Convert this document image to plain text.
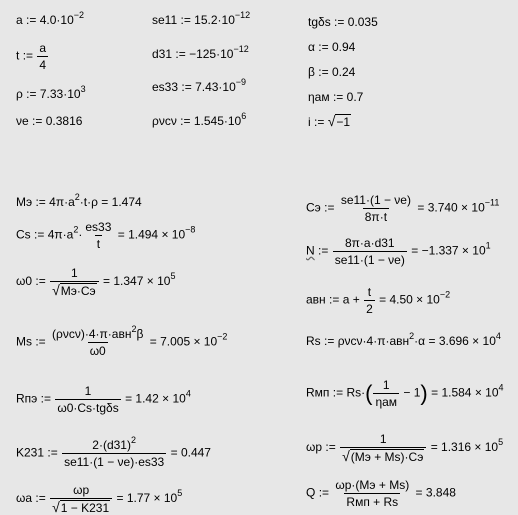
a := $4.0\cdot 10^{-2}$
t := $\frac{a}{4}$
ρ := $7.33\cdot 10^3$
νe := 0.3816
se11 := $15.2\cdot 10^{-12}$
d31 := $-125\cdot 10^{-12}$
es33 := $7.43\cdot 10^{-9}$
ρνcν := $1.545\cdot 10^6$
tgδs := 0.035
α := 0.94
β := 0.24
ηам := 0.7
i := √ −1
Mэ := $4\pi\cdot a^2\cdot t\cdot\rho = 1.474$
Cs := $4\pi\cdot a^2\cdot \frac{es33}{t} = 1.494 \times 10^{-8}$
ω0 :=
1
√ Mэ·Cэ
= $1.347 \times 10^5$
Ms :=
(ρνcν)·4·π·aвн$^2$β
ω0
= $7.005 \times 10^{-2}$
Rпэ :=
1
ω0·Cs·tgδs
= $1.42 \times 10^4$
K231 := $\frac{2\cdot(d31)^2}{se11\cdot(1 - \nu e)\cdot es33} = 0.447$
ωa := $\frac{\omega p}{√ 1 - K231} = 1.77 \times 10^5$
Cэ := $\frac{se11\cdot(1 - \nu e)}{8\pi\cdot t} = 3.740 \times 10^{-11}$
N := $\frac{8\pi\cdot a\cdot d31}{se11\cdot(1 - \nu e)} = -1.337 \times 10^1$
aвн := $a + \frac{t}{2} = 4.50 \times 10^{-2}$
Rs := $\rho\nu c\nu\cdot 4\cdot\pi\cdot aвн^2\cdot\alpha = 3.696 \times 10^4$
Rмп := Rs·( 1
ηам
− $1) = 1.584 \times 10^4$
ωp :=
1
√ (Mэ + Ms)·Cэ
= $1.316 \times 10^5$
Q :=
ωp·(Mэ + Ms)
Rмп + Rs
= 3.848
